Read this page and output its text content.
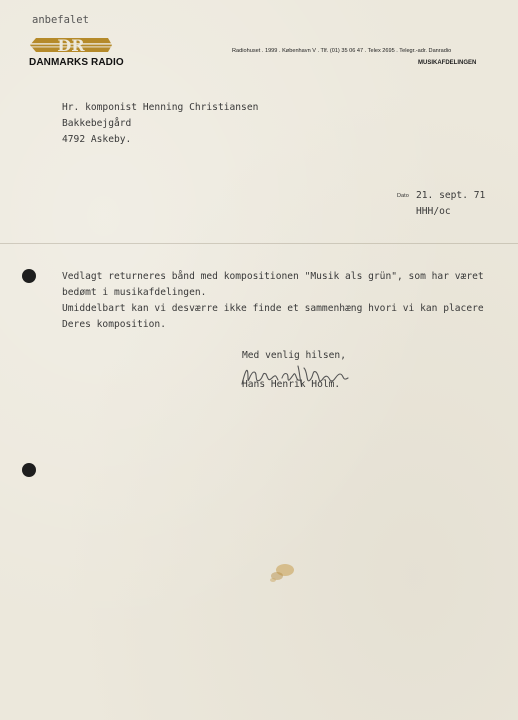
anbefalet
DR
DANMARKS RADIO
Radiohuset . 1999 . København V . Tlf. (01) 35 06 47 . Telex 2695 . Telegr.-adr. Danradio
MUSIKAFDELINGEN
Hr. komponist Henning Christiansen
Bakkebejgård
4792 Askeby.
Dato 21. sept. 71
HHH/oc
Vedlagt returneres bånd med kompositionen "Musik als grün", som har været
bedømt i musikafdelingen.
Umiddelbart kan vi desværre ikke finde et sammenhæng hvori vi kan placere
Deres komposition.
Med venlig hilsen,
Hans Henrik Holm.
